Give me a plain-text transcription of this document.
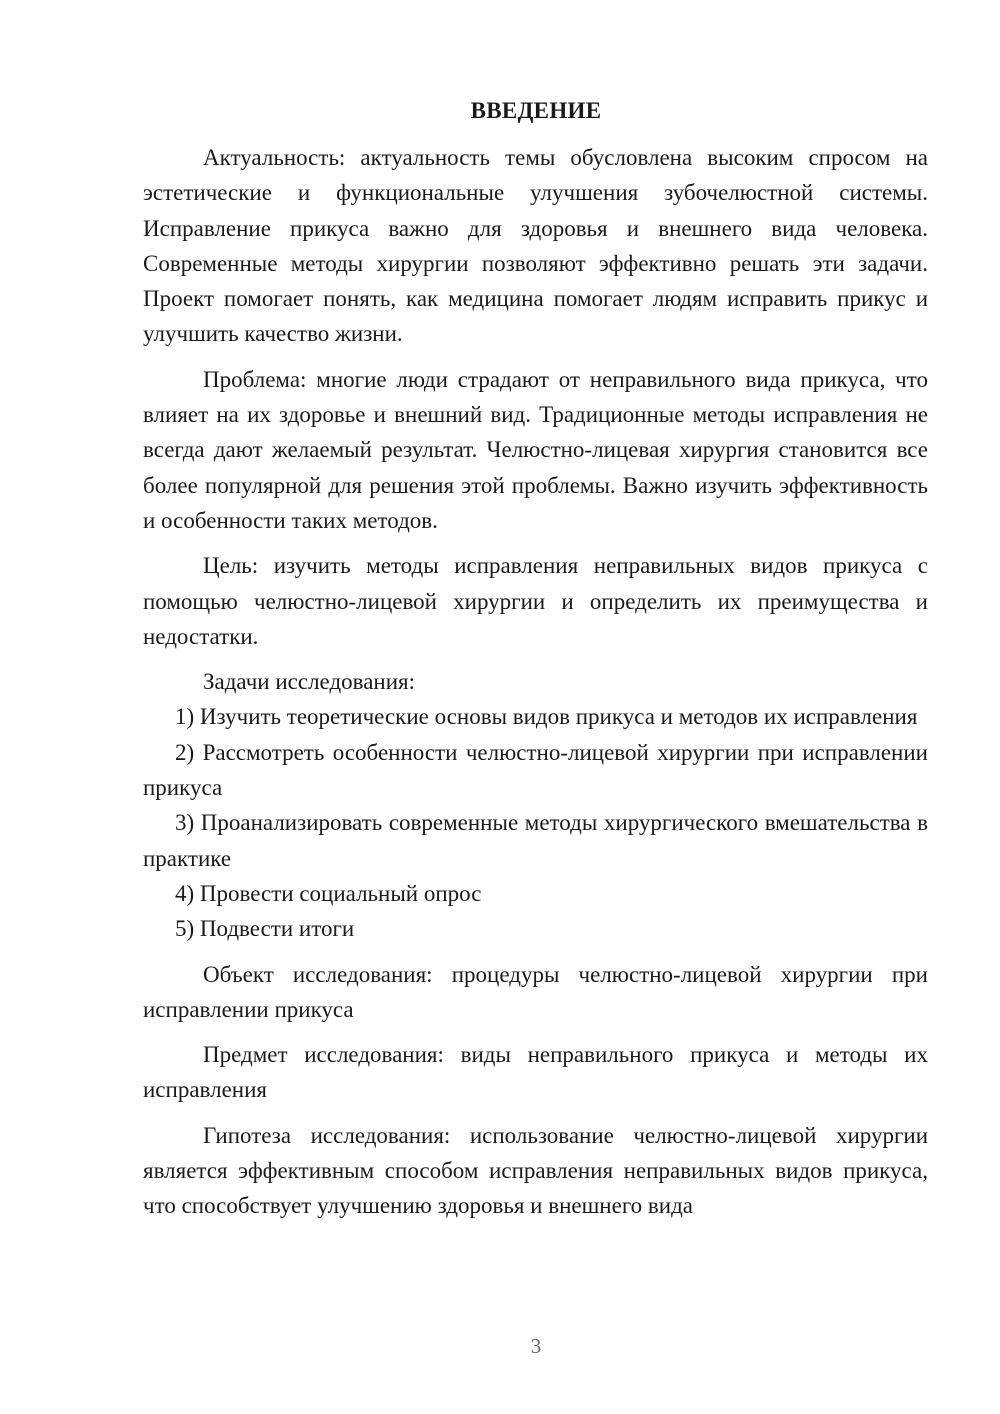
ВВЕДЕНИЕ

Актуальность: актуальность темы обусловлена высоким спросом на эстетические и функциональные улучшения зубочелюстной системы. Исправление прикуса важно для здоровья и внешнего вида человека. Современные методы хирургии позволяют эффективно решать эти задачи. Проект помогает понять, как медицина помогает людям исправить прикус и улучшить качество жизни.

Проблема: многие люди страдают от неправильного вида прикуса, что влияет на их здоровье и внешний вид. Традиционные методы исправления не всегда дают желаемый результат. Челюстно-лицевая хирургия становится все более популярной для решения этой проблемы. Важно изучить эффективность и особенности таких методов.

Цель: изучить методы исправления неправильных видов прикуса с помощью челюстно-лицевой хирургии и определить их преимущества и недостатки.

Задачи исследования:

1) Изучить теоретические основы видов прикуса и методов их исправления

2) Рассмотреть особенности челюстно-лицевой хирургии при исправлении прикуса

3) Проанализировать современные методы хирургического вмешательства в практике

4) Провести социальный опрос

5) Подвести итоги

Объект исследования: процедуры челюстно-лицевой хирургии при исправлении прикуса

Предмет исследования: виды неправильного прикуса и методы их исправления

Гипотеза исследования: использование челюстно-лицевой хирургии является эффективным способом исправления неправильных видов прикуса, что способствует улучшению здоровья и внешнего вида

3
